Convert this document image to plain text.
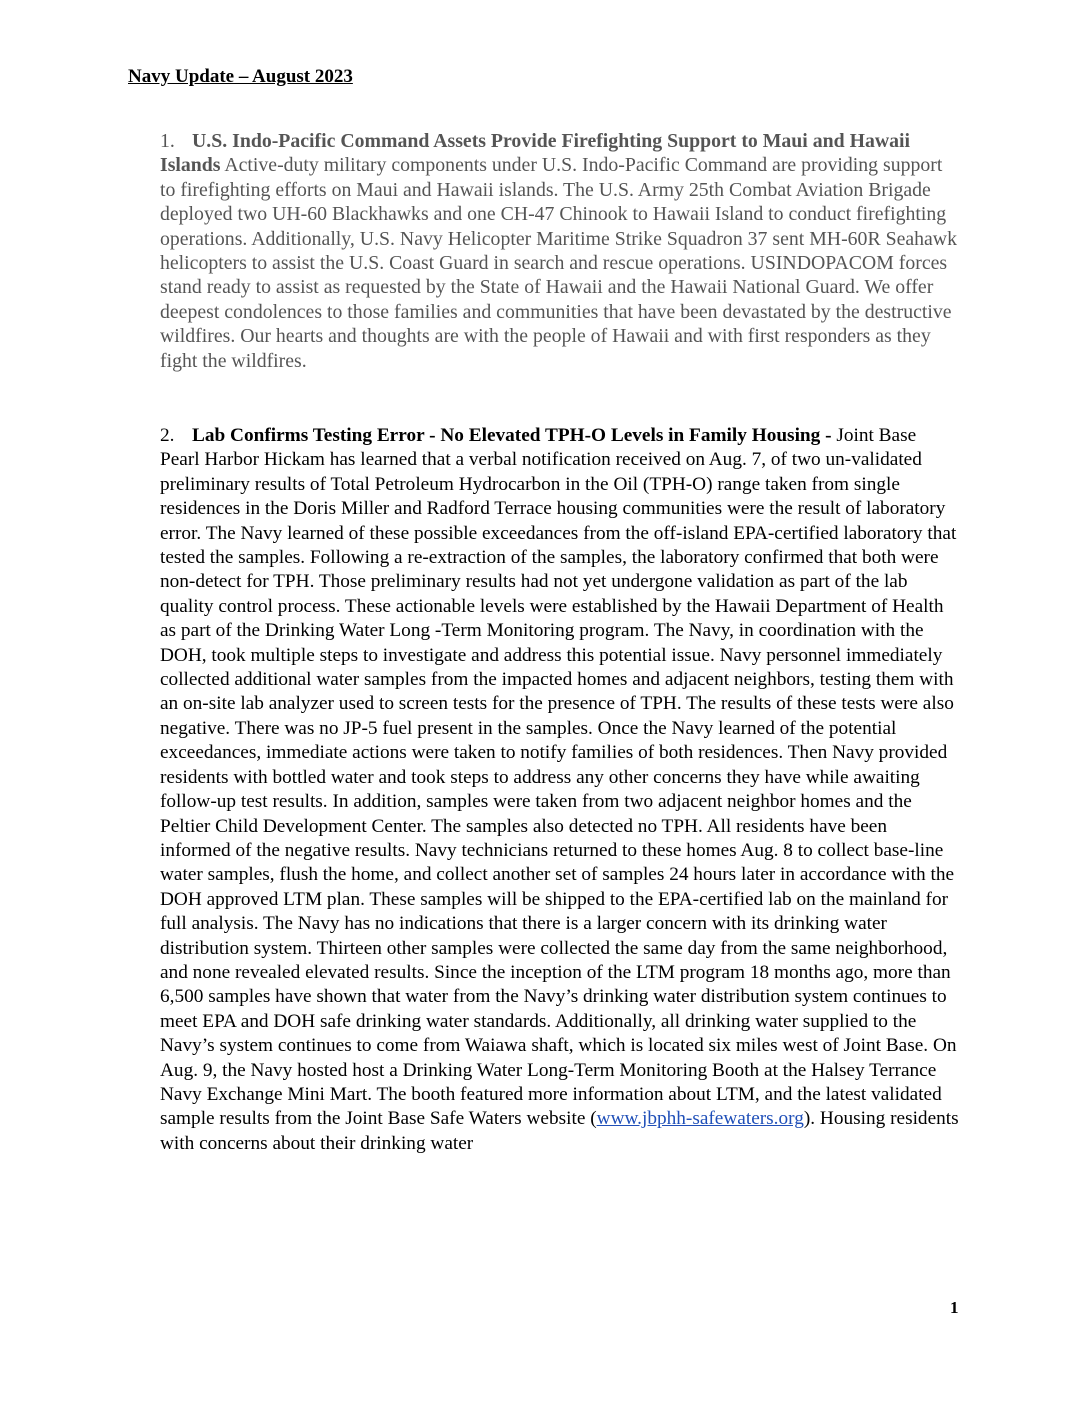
Navy Update – August 2023

1. U.S. Indo-Pacific Command Assets Provide Firefighting Support to Maui and Hawaii Islands Active-duty military components under U.S. Indo-Pacific Command are providing support to firefighting efforts on Maui and Hawaii islands. The U.S. Army 25th Combat Aviation Brigade deployed two UH-60 Blackhawks and one CH-47 Chinook to Hawaii Island to conduct firefighting operations. Additionally, U.S. Navy Helicopter Maritime Strike Squadron 37 sent MH-60R Seahawk helicopters to assist the U.S. Coast Guard in search and rescue operations. USINDOPACOM forces stand ready to assist as requested by the State of Hawaii and the Hawaii National Guard. We offer deepest condolences to those families and communities that have been devastated by the destructive wildfires. Our hearts and thoughts are with the people of Hawaii and with first responders as they fight the wildfires.

2. Lab Confirms Testing Error - No Elevated TPH-O Levels in Family Housing - Joint Base Pearl Harbor Hickam has learned that a verbal notification received on Aug. 7, of two un-validated preliminary results of Total Petroleum Hydrocarbon in the Oil (TPH-O) range taken from single residences in the Doris Miller and Radford Terrace housing communities were the result of laboratory error. The Navy learned of these possible exceedances from the off-island EPA-certified laboratory that tested the samples. Following a re-extraction of the samples, the laboratory confirmed that both were non-detect for TPH. Those preliminary results had not yet undergone validation as part of the lab quality control process. These actionable levels were established by the Hawaii Department of Health as part of the Drinking Water Long -Term Monitoring program. The Navy, in coordination with the DOH, took multiple steps to investigate and address this potential issue. Navy personnel immediately collected additional water samples from the impacted homes and adjacent neighbors, testing them with an on-site lab analyzer used to screen tests for the presence of TPH. The results of these tests were also negative. There was no JP-5 fuel present in the samples. Once the Navy learned of the potential exceedances, immediate actions were taken to notify families of both residences. Then Navy provided residents with bottled water and took steps to address any other concerns they have while awaiting follow-up test results. In addition, samples were taken from two adjacent neighbor homes and the Peltier Child Development Center. The samples also detected no TPH. All residents have been informed of the negative results. Navy technicians returned to these homes Aug. 8 to collect base-line water samples, flush the home, and collect another set of samples 24 hours later in accordance with the DOH approved LTM plan. These samples will be shipped to the EPA-certified lab on the mainland for full analysis. The Navy has no indications that there is a larger concern with its drinking water distribution system. Thirteen other samples were collected the same day from the same neighborhood, and none revealed elevated results. Since the inception of the LTM program 18 months ago, more than 6,500 samples have shown that water from the Navy’s drinking water distribution system continues to meet EPA and DOH safe drinking water standards. Additionally, all drinking water supplied to the Navy’s system continues to come from Waiawa shaft, which is located six miles west of Joint Base. On Aug. 9, the Navy hosted host a Drinking Water Long-Term Monitoring Booth at the Halsey Terrance Navy Exchange Mini Mart. The booth featured more information about LTM, and the latest validated sample results from the Joint Base Safe Waters website (www.jbphh-safewaters.org). Housing residents with concerns about their drinking water

1
